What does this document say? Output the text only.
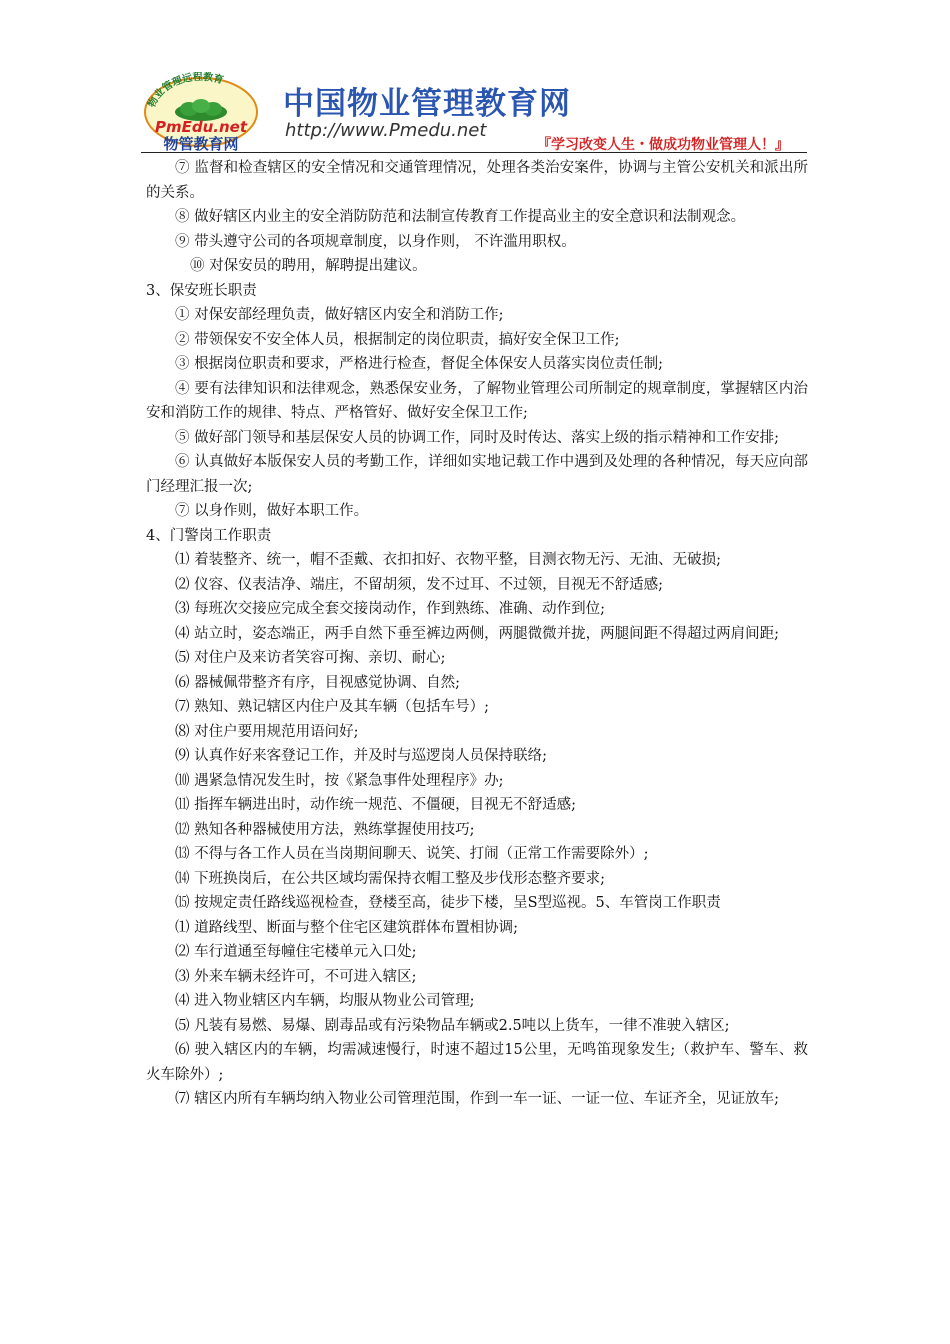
物业管理远程教育
PmEdu.net
物管教育网
中国物业管理教育网
http://www.Pmedu.net
『学习改变人生・做成功物业管理人！』

⑦ 监督和检查辖区的安全情况和交通管理情况，处理各类治安案件，协调与主管公安机关和派出所的关系。

⑧ 做好辖区内业主的安全消防防范和法制宣传教育工作提高业主的安全意识和法制观念。

⑨ 带头遵守公司的各项规章制度，以身作则， 不许滥用职权。

⑩ 对保安员的聘用，解聘提出建议。

3、保安班长职责

① 对保安部经理负责，做好辖区内安全和消防工作;

② 带领保安不安全体人员，根据制定的岗位职责，搞好安全保卫工作;

③ 根据岗位职责和要求，严格进行检查，督促全体保安人员落实岗位责任制;

④ 要有法律知识和法律观念，熟悉保安业务，了解物业管理公司所制定的规章制度，掌握辖区内治安和消防工作的规律、特点、严格管好、做好安全保卫工作;

⑤ 做好部门领导和基层保安人员的协调工作，同时及时传达、落实上级的指示精神和工作安排;

⑥ 认真做好本版保安人员的考勤工作，详细如实地记载工作中遇到及处理的各种情况，每天应向部门经理汇报一次;

⑦ 以身作则，做好本职工作。

4、门警岗工作职责

⑴ 着装整齐、统一，帽不歪戴、衣扣扣好、衣物平整，目测衣物无污、无油、无破损;

⑵ 仪容、仪表洁净、端庄，不留胡须，发不过耳、不过领，目视无不舒适感;

⑶ 每班次交接应完成全套交接岗动作，作到熟练、准确、动作到位;

⑷ 站立时，姿态端正，两手自然下垂至裤边两侧，两腿微微并拢，两腿间距不得超过两肩间距;

⑸ 对住户及来访者笑容可掬、亲切、耐心;

⑹ 器械佩带整齐有序，目视感觉协调、自然;

⑺ 熟知、熟记辖区内住户及其车辆（包括车号）;

⑻ 对住户要用规范用语问好;

⑼ 认真作好来客登记工作，并及时与巡逻岗人员保持联络;

⑽ 遇紧急情况发生时，按《紧急事件处理程序》办;

⑾ 指挥车辆进出时，动作统一规范、不僵硬，目视无不舒适感;

⑿ 熟知各种器械使用方法，熟练掌握使用技巧;

⒀ 不得与各工作人员在当岗期间聊天、说笑、打闹（正常工作需要除外）;

⒁ 下班换岗后，在公共区域均需保持衣帽工整及步伐形态整齐要求;

⒂ 按规定责任路线巡视检查，登楼至高，徒步下楼，呈S型巡视。5、车管岗工作职责

⑴ 道路线型、断面与整个住宅区建筑群体布置相协调;

⑵ 车行道通至每幢住宅楼单元入口处;

⑶ 外来车辆未经许可，不可进入辖区;

⑷ 进入物业辖区内车辆，均服从物业公司管理;

⑸ 凡装有易燃、易爆、剧毒品或有污染物品车辆或2.5吨以上货车，一律不准驶入辖区;

⑹ 驶入辖区内的车辆，均需减速慢行，时速不超过15公里，无鸣笛现象发生;（救护车、警车、救火车除外）;

⑺ 辖区内所有车辆均纳入物业公司管理范围，作到一车一证、一证一位、车证齐全，见证放车;
